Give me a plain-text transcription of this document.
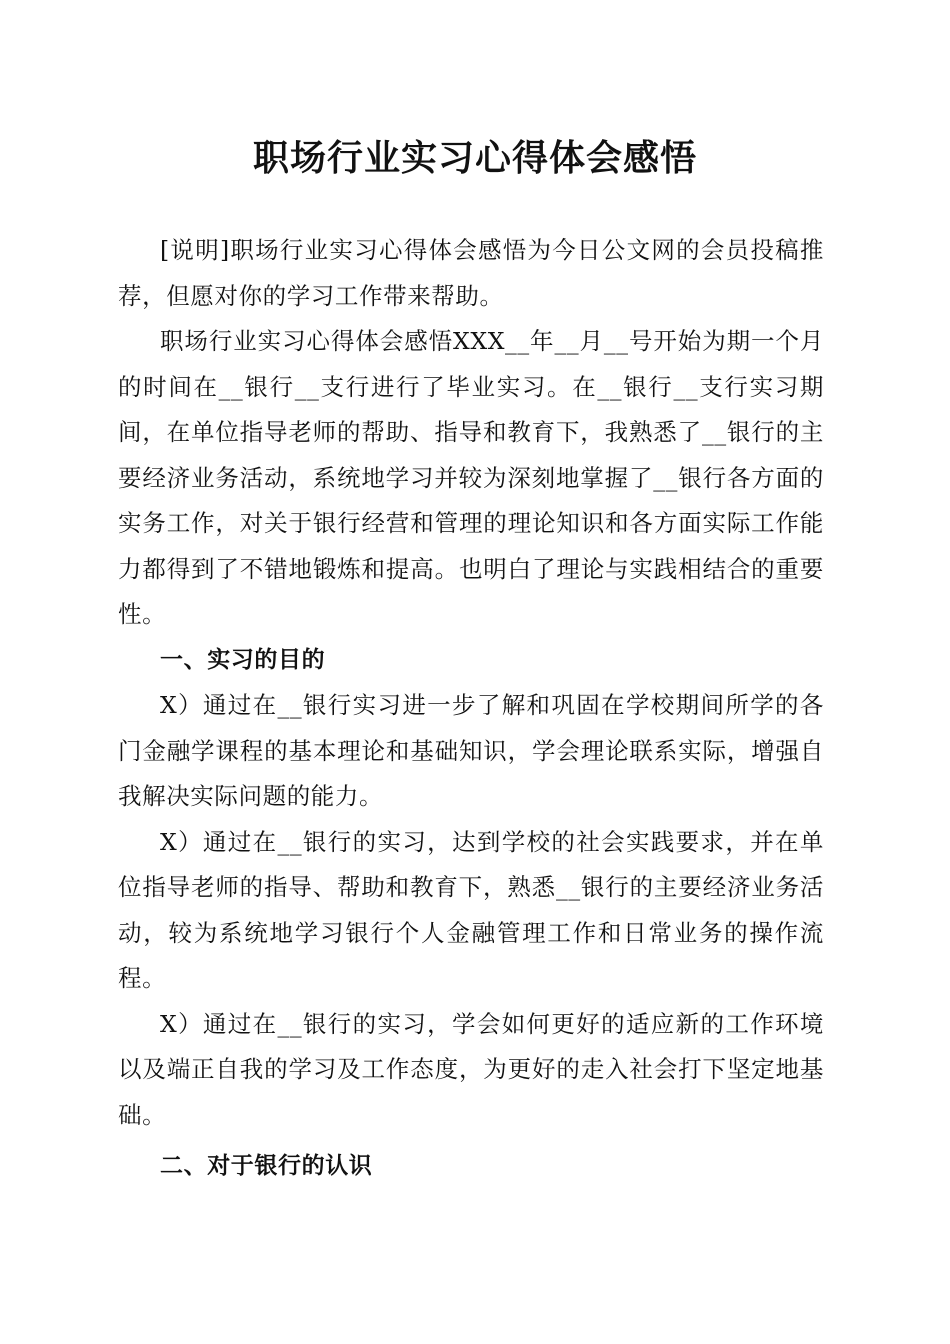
职场行业实习心得体会感悟

[说明]职场行业实习心得体会感悟为今日公文网的会员投稿推荐，但愿对你的学习工作带来帮助。

职场行业实习心得体会感悟XXX__年__月__号开始为期一个月的时间在__银行__支行进行了毕业实习。在__银行__支行实习期间，在单位指导老师的帮助、指导和教育下，我熟悉了__银行的主要经济业务活动，系统地学习并较为深刻地掌握了__银行各方面的实务工作，对关于银行经营和管理的理论知识和各方面实际工作能力都得到了不错地锻炼和提高。也明白了理论与实践相结合的重要性。

一、实习的目的

X）通过在__银行实习进一步了解和巩固在学校期间所学的各门金融学课程的基本理论和基础知识，学会理论联系实际，增强自我解决实际问题的能力。

X）通过在__银行的实习，达到学校的社会实践要求，并在单位指导老师的指导、帮助和教育下，熟悉__银行的主要经济业务活动，较为系统地学习银行个人金融管理工作和日常业务的操作流程。

X）通过在__银行的实习，学会如何更好的适应新的工作环境以及端正自我的学习及工作态度，为更好的走入社会打下坚定地基础。

二、对于银行的认识
